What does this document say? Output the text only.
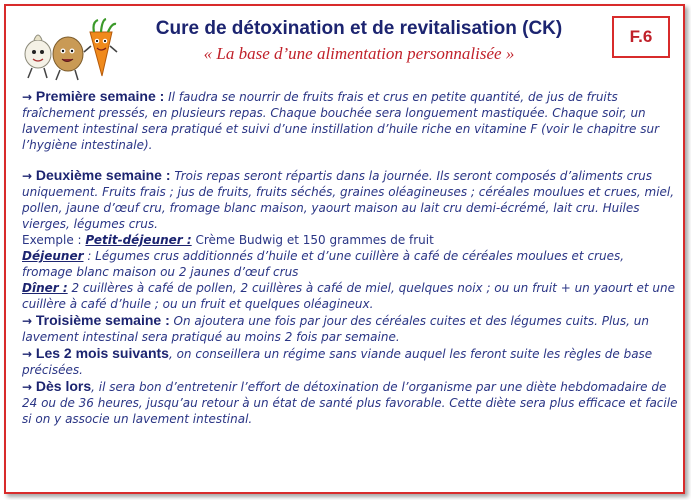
Cure de détoxination et de revitalisation (CK)
« La base d’une alimentation personnalisée »
F.6

→ Première semaine : Il faudra se nourrir de fruits frais et crus en petite quantité, de jus de fruits fraîchement pressés, en plusieurs repas. Chaque bouchée sera longuement mastiquée. Chaque soir, un lavement intestinal sera pratiqué et suivi d’une instillation d’huile riche en vitamine F (voir le chapitre sur l’hygiène intestinale).

→ Deuxième semaine : Trois repas seront répartis dans la journée. Ils seront composés d’aliments crus uniquement. Fruits frais ; jus de fruits, fruits séchés, graines oléagineuses ; céréales moulues et crues, miel, pollen, jaune d’œuf cru, fromage blanc maison, yaourt maison au lait cru demi-écrémé, lait cru. Huiles vierges, légumes crus.

Exemple : Petit-déjeuner : Crème Budwig et 150 grammes de fruit

Déjeuner : Légumes crus additionnés d’huile et d’une cuillère à café de céréales moulues et crues, fromage blanc maison ou 2 jaunes d’œuf crus

Dîner : 2 cuillères à café de pollen, 2 cuillères à café de miel, quelques noix ; ou un fruit + un yaourt et une cuillère à café d’huile ; ou un fruit et quelques oléagineux.

→ Troisième semaine : On ajoutera une fois par jour des céréales cuites et des légumes cuits. Plus, un lavement intestinal sera pratiqué au moins 2 fois par semaine.

→ Les 2 mois suivants, on conseillera un régime sans viande auquel les feront suite les règles de base précisées.

→ Dès lors, il sera bon d’entretenir l’effort de détoxination de l’organisme par une diète hebdomadaire de 24 ou de 36 heures, jusqu’au retour à un état de santé plus favorable. Cette diète sera plus efficace et facile si on y associe un lavement intestinal.
